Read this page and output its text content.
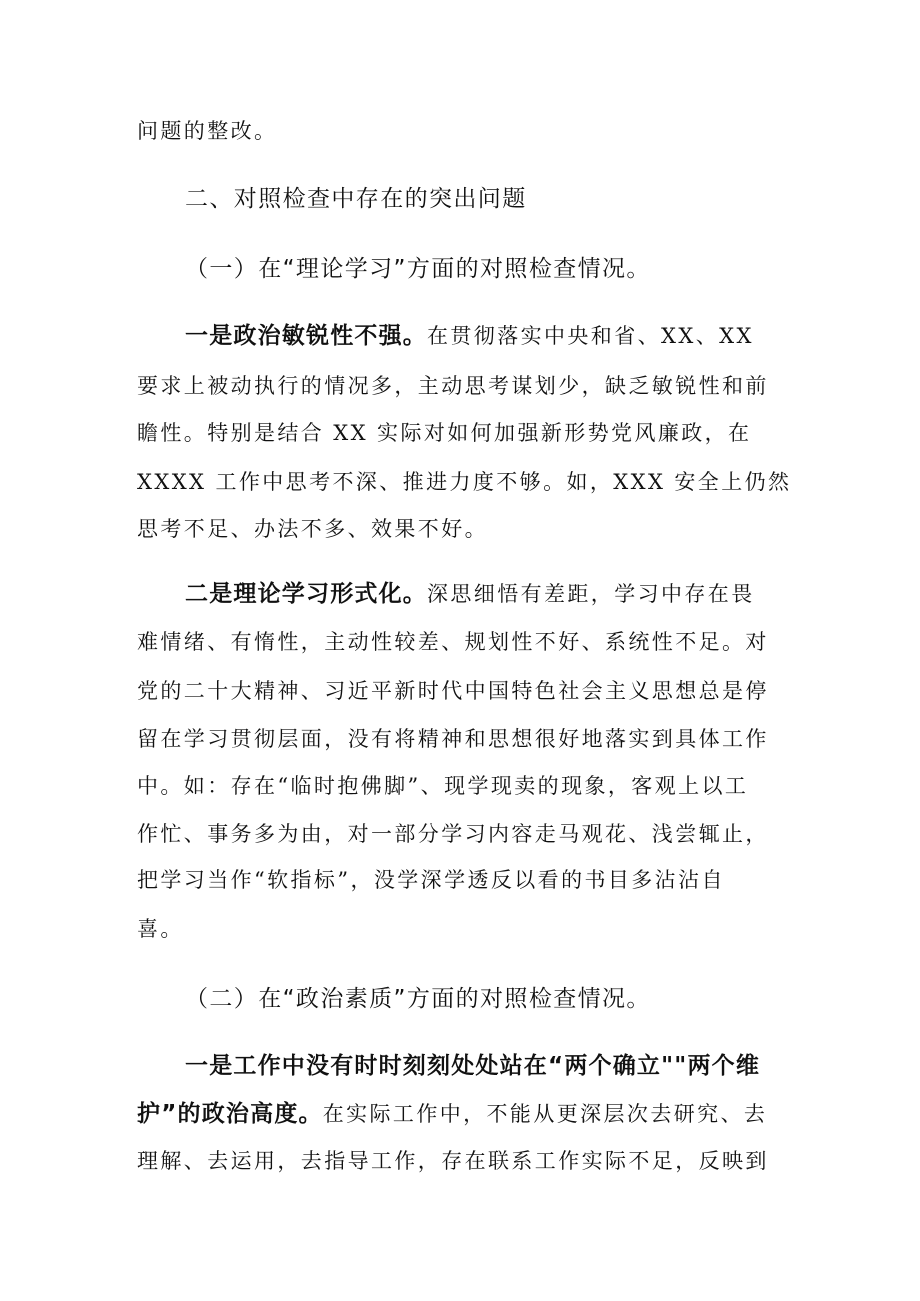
问题的整改。
二、对照检查中存在的突出问题
（一）在“理论学习”方面的对照检查情况。
一是政治敏锐性不强。在贯彻落实中央和省、XX、XX
要求上被动执行的情况多，主动思考谋划少，缺乏敏锐性和前
瞻性。特别是结合 XX 实际对如何加强新形势党风廉政，在
XXXX 工作中思考不深、推进力度不够。如，XXX 安全上仍然
思考不足、办法不多、效果不好。
二是理论学习形式化。深思细悟有差距，学习中存在畏
难情绪、有惰性，主动性较差、规划性不好、系统性不足。对
党的二十大精神、习近平新时代中国特色社会主义思想总是停
留在学习贯彻层面，没有将精神和思想很好地落实到具体工作
中。如：存在“临时抱佛脚”、现学现卖的现象，客观上以工
作忙、事务多为由，对一部分学习内容走马观花、浅尝辄止，
把学习当作“软指标”，没学深学透反以看的书目多沾沾自
喜。
（二）在“政治素质”方面的对照检查情况。
一是工作中没有时时刻刻处处站在“两个确立""两个维
护”的政治高度。在实际工作中，不能从更深层次去研究、去
理解、去运用，去指导工作，存在联系工作实际不足，反映到
